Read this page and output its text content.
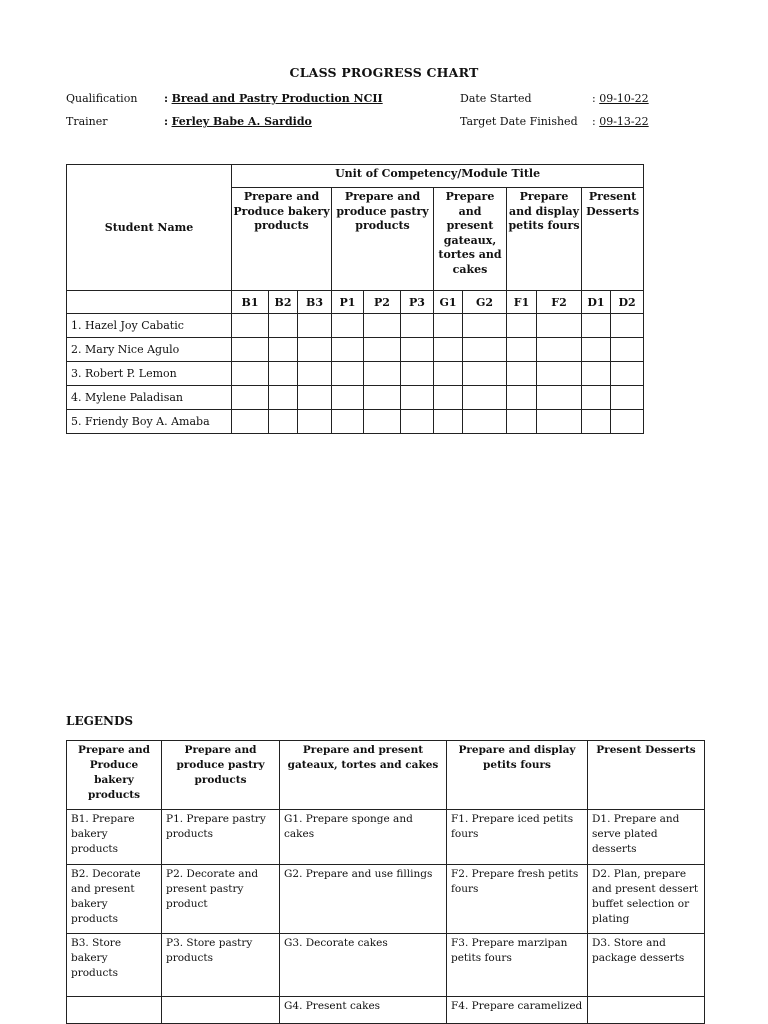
CLASS PROGRESS CHART
Qualification : Bread and Pastry Production NCII	Date Started	: 09-10-22
Trainer	: Ferley Babe A. Sardido	Target Date Finished : 09-13-22
Student Name	Unit of Competency/Module Title											
	Prepare and Produce bakery products			Prepare and produce pastry products			Prepare and present gateaux, tortes and cakes		Prepare and display petits fours		Present Desserts	
	B1	B2	B3	P1	P2	P3	G1	G2	F1	F2	D1	D2
1. Hazel Joy Cabatic												
2. Mary Nice Agulo												
3. Robert P. Lemon												
4. Mylene Paladisan												
5. Friendy Boy A. Amaba												
LEGENDS
Prepare and Produce bakery products	Prepare and produce pastry products	Prepare and present gateaux, tortes and cakes	Prepare and display petits fours	Present Desserts
B1. Prepare bakery products	P1. Prepare pastry products	G1. Prepare sponge and cakes	F1. Prepare iced petits fours	D1. Prepare and serve plated desserts
B2. Decorate and present bakery products	P2. Decorate and present pastry product	G2. Prepare and use fillings	F2. Prepare fresh petits fours	D2. Plan, prepare and present dessert buffet selection or plating
B3. Store bakery products	P3. Store pastry products	G3. Decorate cakes	F3. Prepare marzipan petits fours	D3. Store and package desserts
		G4. Present cakes	F4. Prepare caramelized	
